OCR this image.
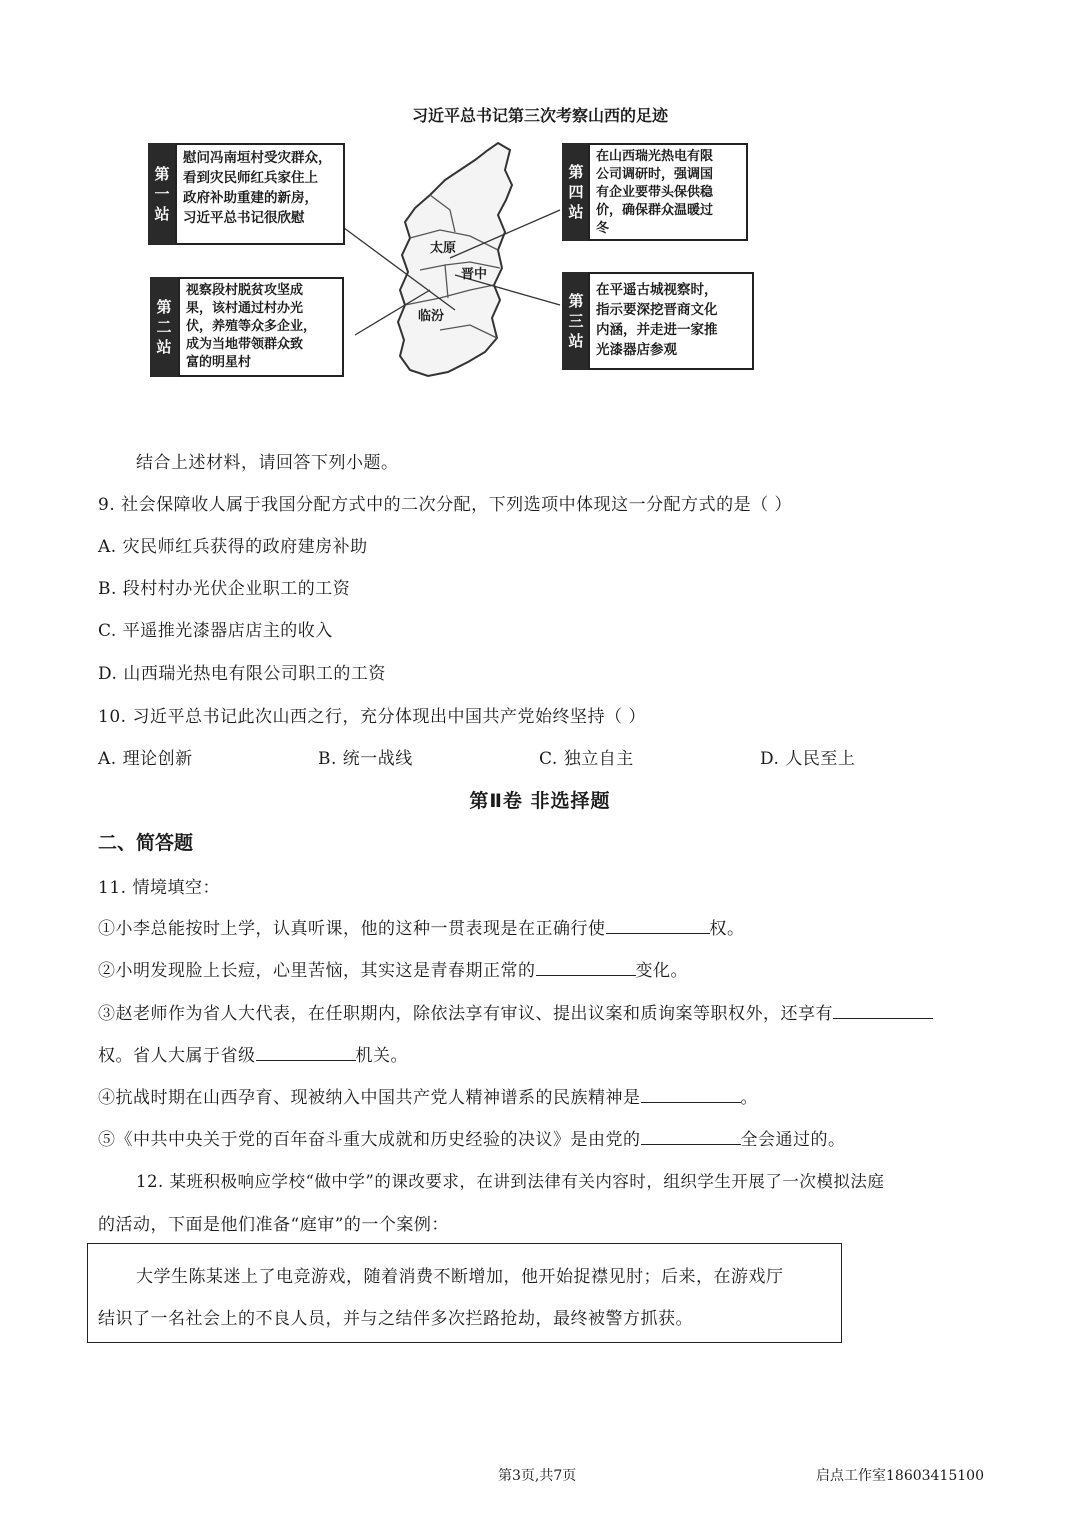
习近平总书记第三次考察山西的足迹
太原
晋中
临汾
第
一
站
慰问冯南垣村受灾群众，
看到灾民师红兵家住上
政府补助重建的新房，
习近平总书记很欣慰
第
二
站
视察段村脱贫攻坚成
果，该村通过村办光
伏，养殖等众多企业，
成为当地带领群众致
富的明星村
第
四
站
在山西瑞光热电有限
公司调研时，强调国
有企业要带头保供稳
价，确保群众温暖过
冬
第
三
站
在平遥古城视察时，
指示要深挖晋商文化
内涵，并走进一家推
光漆器店参观
结合上述材料，请回答下列小题。
9. 社会保障收人属于我国分配方式中的二次分配，下列选项中体现这一分配方式的是（ ）
A. 灾民师红兵获得的政府建房补助
B. 段村村办光伏企业职工的工资
C. 平遥推光漆器店店主的收入
D. 山西瑞光热电有限公司职工的工资
10. 习近平总书记此次山西之行，充分体现出中国共产党始终坚持（ ）
A. 理论创新	B. 统一战线	C. 独立自主	D. 人民至上
第Ⅱ卷 非选择题
二、简答题
11. 情境填空：
①小李总能按时上学，认真听课，他的这种一贯表现是在正确行使	权。
②小明发现脸上长痘，心里苦恼，其实这是青春期正常的	变化。
③赵老师作为省人大代表，在任职期内，除依法享有审议、提出议案和质询案等职权外，还享有
权。省人大属于省级	机关。
④抗战时期在山西孕育、现被纳入中国共产党人精神谱系的民族精神是	。
⑤《中共中央关于党的百年奋斗重大成就和历史经验的决议》是由党的	全会通过的。
12. 某班积极响应学校“做中学”的课改要求，在讲到法律有关内容时，组织学生开展了一次模拟法庭
的活动，下面是他们准备“庭审”的一个案例：
大学生陈某迷上了电竞游戏，随着消费不断增加，他开始捉襟见肘；后来，在游戏厅
结识了一名社会上的不良人员，并与之结伴多次拦路抢劫，最终被警方抓获。
第3页,共7页	启点工作室18603415100
